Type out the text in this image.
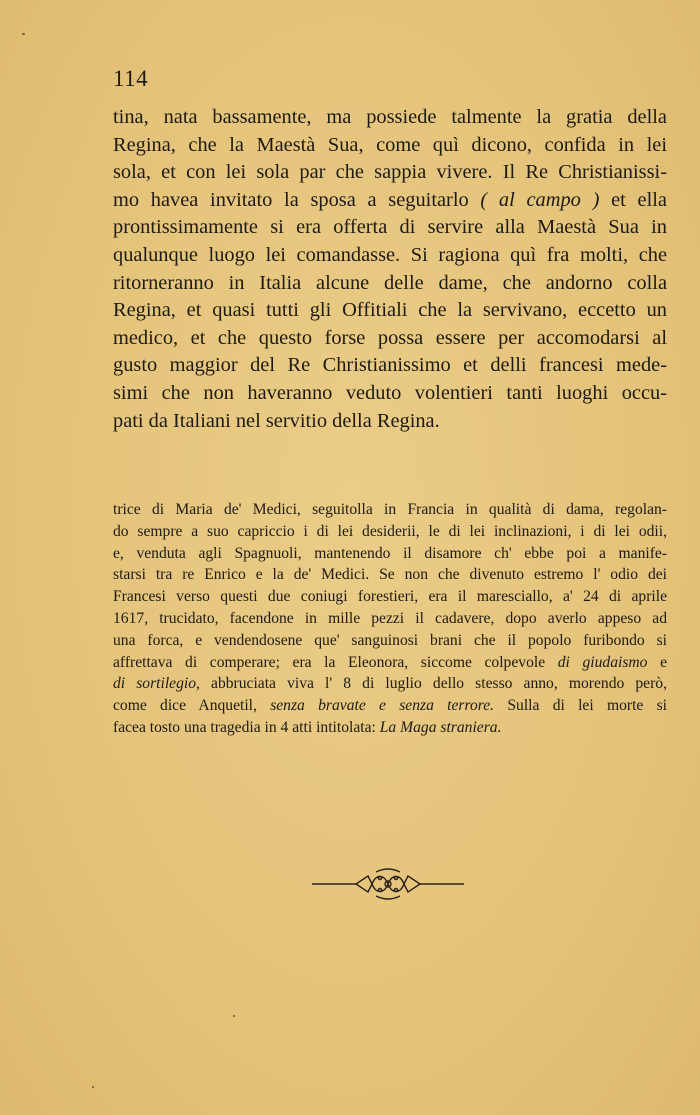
114
tina, nata bassamente, ma possiede talmente la gratia della
Regina, che la Maestà Sua, come quì dicono, confida in lei
sola, et con lei sola par che sappia vivere. Il Re Christianissi-
mo havea invitato la sposa a seguitarlo ( al campo ) et ella
prontissimamente si era offerta di servire alla Maestà Sua in
qualunque luogo lei comandasse. Si ragiona quì fra molti, che
ritorneranno in Italia alcune delle dame, che andorno colla
Regina, et quasi tutti gli Offitiali che la servivano, eccetto un
medico, et che questo forse possa essere per accomodarsi al
gusto maggior del Re Christianissimo et delli francesi mede-
simi che non haveranno veduto volentieri tanti luoghi occu-
pati da Italiani nel servitio della Regina.
trice di Maria de' Medici, seguitolla in Francia in qualità di dama, regolan-
do sempre a suo capriccio i di lei desiderii, le di lei inclinazioni, i di lei odii,
e, venduta agli Spagnuoli, mantenendo il disamore ch' ebbe poi a manife-
starsi tra re Enrico e la de' Medici. Se non che divenuto estremo l' odio dei
Francesi verso questi due coniugi forestieri, era il maresciallo, a' 24 di aprile
1617, trucidato, facendone in mille pezzi il cadavere, dopo averlo appeso ad
una forca, e vendendosene que' sanguinosi brani che il popolo furibondo si
affrettava di comperare; era la Eleonora, siccome colpevole di giudaismo e
di sortilegio, abbruciata viva l' 8 di luglio dello stesso anno, morendo però,
come dice Anquetil, senza bravate e senza terrore. Sulla di lei morte si
facea tosto una tragedia in 4 atti intitolata: La Maga straniera.
